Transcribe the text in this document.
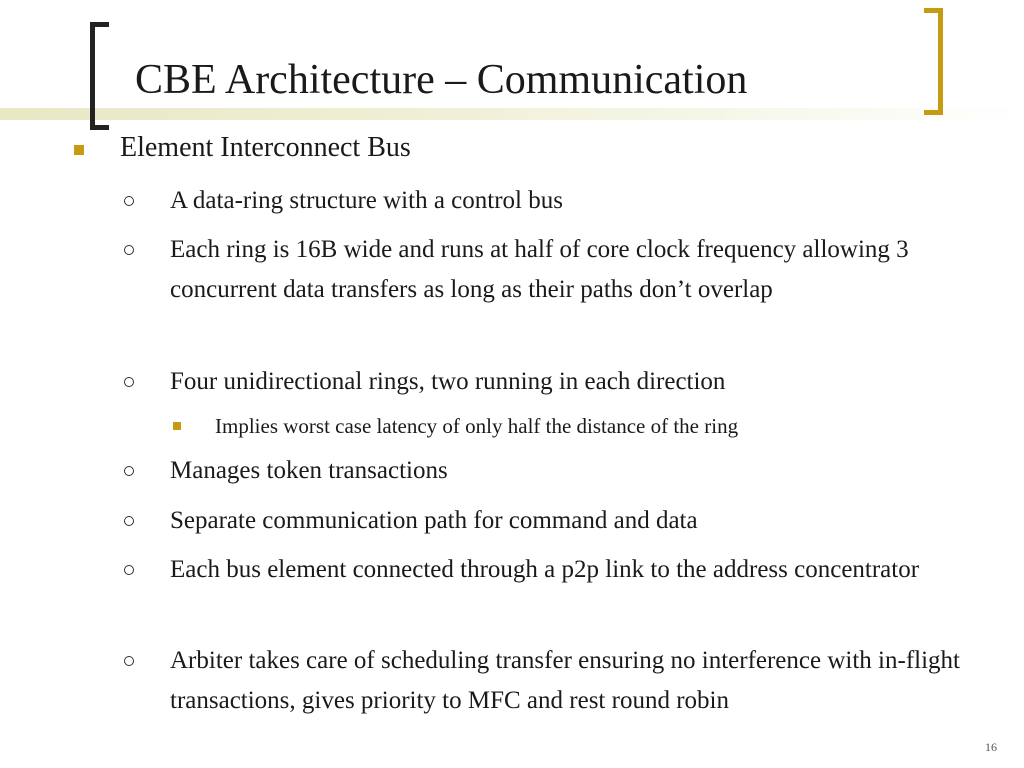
CBE Architecture – Communication
Element Interconnect Bus
A data-ring structure with a control bus
Each ring is 16B wide and runs at half of core clock frequency allowing 3 concurrent data transfers as long as their paths don’t overlap
Four unidirectional rings, two running in each direction
Implies worst case latency of only half the distance of the ring
Manages token transactions
Separate communication path for command and data
Each bus element connected through a p2p link to the address concentrator
Arbiter takes care of scheduling transfer ensuring no interference with in-flight transactions, gives priority to MFC and rest round robin
16
